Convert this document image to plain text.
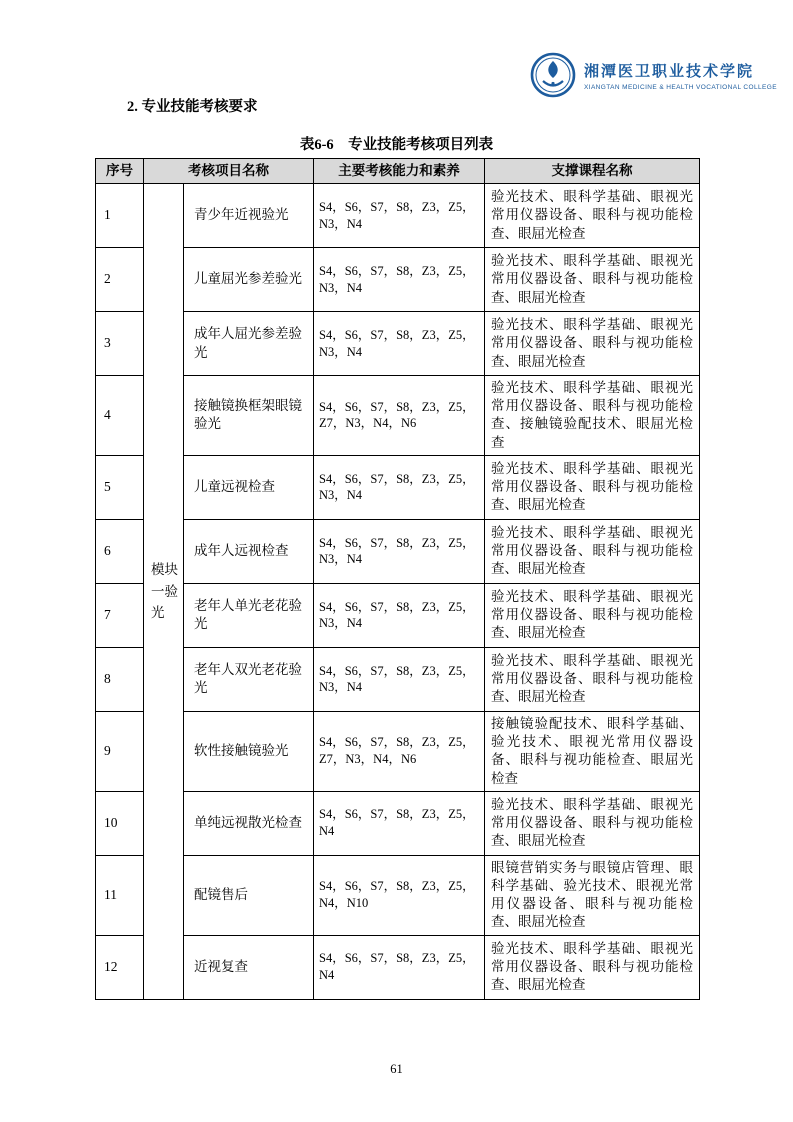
湘潭医卫职业技术学院
XIANGTAN MEDICINE & HEALTH VOCATIONAL COLLEGE
2. 专业技能考核要求
表6-6　专业技能考核项目列表
序号	考核项目名称		主要考核能力和素养	支撑课程名称
1	模块一验光	青少年近视验光	S4，S6，S7，S8，Z3，Z5，N3，N4	验光技术、眼科学基础、眼视光常用仪器设备、眼科与视功能检查、眼屈光检查
2		儿童屈光参差验光	S4，S6，S7，S8，Z3，Z5，N3，N4	验光技术、眼科学基础、眼视光常用仪器设备、眼科与视功能检查、眼屈光检查
3		成年人屈光参差验光	S4，S6，S7，S8，Z3，Z5，N3，N4	验光技术、眼科学基础、眼视光常用仪器设备、眼科与视功能检查、眼屈光检查
4		接触镜换框架眼镜验光	S4，S6，S7，S8，Z3，Z5，Z7，N3，N4，N6	验光技术、眼科学基础、眼视光常用仪器设备、眼科与视功能检查、接触镜验配技术、眼屈光检查
5		儿童远视检查	S4，S6，S7，S8，Z3，Z5，N3，N4	验光技术、眼科学基础、眼视光常用仪器设备、眼科与视功能检查、眼屈光检查
6		成年人远视检查	S4，S6，S7，S8，Z3，Z5，N3，N4	验光技术、眼科学基础、眼视光常用仪器设备、眼科与视功能检查、眼屈光检查
7		老年人单光老花验光	S4，S6，S7，S8，Z3，Z5，N3，N4	验光技术、眼科学基础、眼视光常用仪器设备、眼科与视功能检查、眼屈光检查
8		老年人双光老花验光	S4，S6，S7，S8，Z3，Z5，N3，N4	验光技术、眼科学基础、眼视光常用仪器设备、眼科与视功能检查、眼屈光检查
9		软性接触镜验光	S4，S6，S7，S8，Z3，Z5，Z7，N3，N4，N6	接触镜验配技术、眼科学基础、验光技术、眼视光常用仪器设备、眼科与视功能检查、眼屈光检查
10		单纯远视散光检查	S4，S6，S7，S8，Z3，Z5，N4	验光技术、眼科学基础、眼视光常用仪器设备、眼科与视功能检查、眼屈光检查
11		配镜售后	S4，S6，S7，S8，Z3，Z5，N4，N10	眼镜营销实务与眼镜店管理、眼科学基础、验光技术、眼视光常用仪器设备、眼科与视功能检查、眼屈光检查
12		近视复查	S4，S6，S7，S8，Z3，Z5，N4	验光技术、眼科学基础、眼视光常用仪器设备、眼科与视功能检查、眼屈光检查
61
